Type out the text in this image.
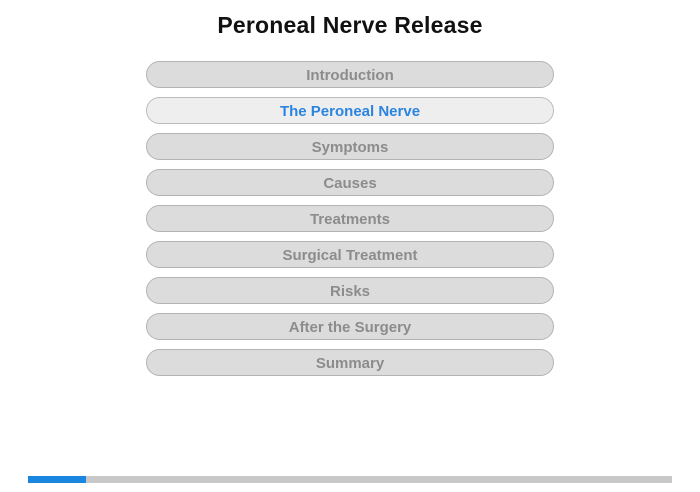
Peroneal Nerve Release
Introduction
The Peroneal Nerve
Symptoms
Causes
Treatments
Surgical Treatment
Risks
After the Surgery
Summary
